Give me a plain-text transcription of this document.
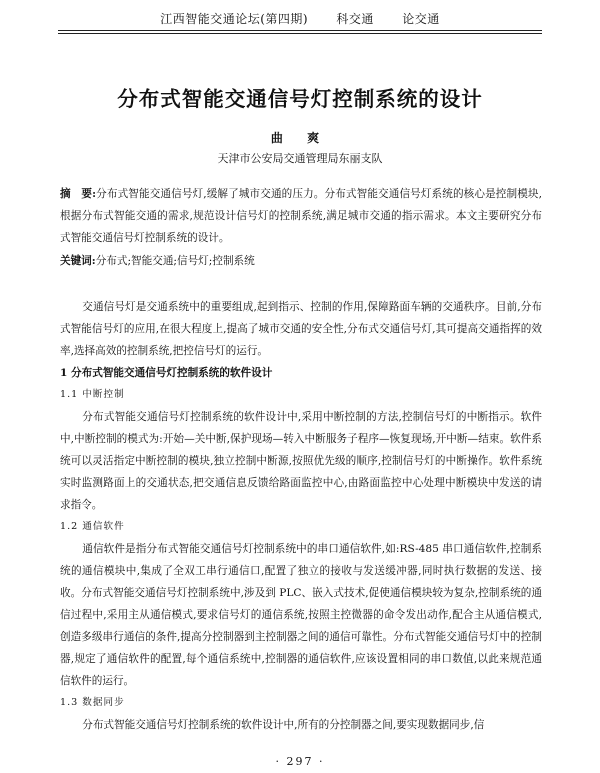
江西智能交通论坛(第四期) 科交通 论交通
分布式智能交通信号灯控制系统的设计
曲 爽
天津市公安局交通管理局东丽支队
摘　要:分布式智能交通信号灯,缓解了城市交通的压力。分布式智能交通信号灯系统的核心是控制模块,根据分布式智能交通的需求,规范设计信号灯的控制系统,满足城市交通的指示需求。本文主要研究分布式智能交通信号灯控制系统的设计。
关键词:分布式;智能交通;信号灯;控制系统

交通信号灯是交通系统中的重要组成,起到指示、控制的作用,保障路面车辆的交通秩序。目前,分布式智能信号灯的应用,在很大程度上,提高了城市交通的安全性,分布式交通信号灯,其可提高交通指挥的效率,选择高效的控制系统,把控信号灯的运行。

1 分布式智能交通信号灯控制系统的软件设计

1.1 中断控制

分布式智能交通信号灯控制系统的软件设计中,采用中断控制的方法,控制信号灯的中断指示。软件中,中断控制的模式为:开始—关中断,保护现场—转入中断服务子程序—恢复现场,开中断—结束。软件系统可以灵活指定中断控制的模块,独立控制中断源,按照优先级的顺序,控制信号灯的中断操作。软件系统实时监测路面上的交通状态,把交通信息反馈给路面监控中心,由路面监控中心处理中断模块中发送的请求指令。

1.2 通信软件

通信软件是指分布式智能交通信号灯控制系统中的串口通信软件,如:RS-485 串口通信软件,控制系统的通信模块中,集成了全双工串行通信口,配置了独立的接收与发送缓冲器,同时执行数据的发送、接收。分布式智能交通信号灯控制系统中,涉及到 PLC、嵌入式技术,促使通信模块较为复杂,控制系统的通信过程中,采用主从通信模式,要求信号灯的通信系统,按照主控微器的命令发出动作,配合主从通信模式,创造多级串行通信的条件,提高分控制器到主控制器之间的通信可靠性。分布式智能交通信号灯中的控制器,规定了通信软件的配置,每个通信系统中,控制器的通信软件,应该设置相同的串口数值,以此来规范通信软件的运行。

1.3 数据同步

分布式智能交通信号灯控制系统的软件设计中,所有的分控制器之间,要实现数据同步,信

· 297 ·
